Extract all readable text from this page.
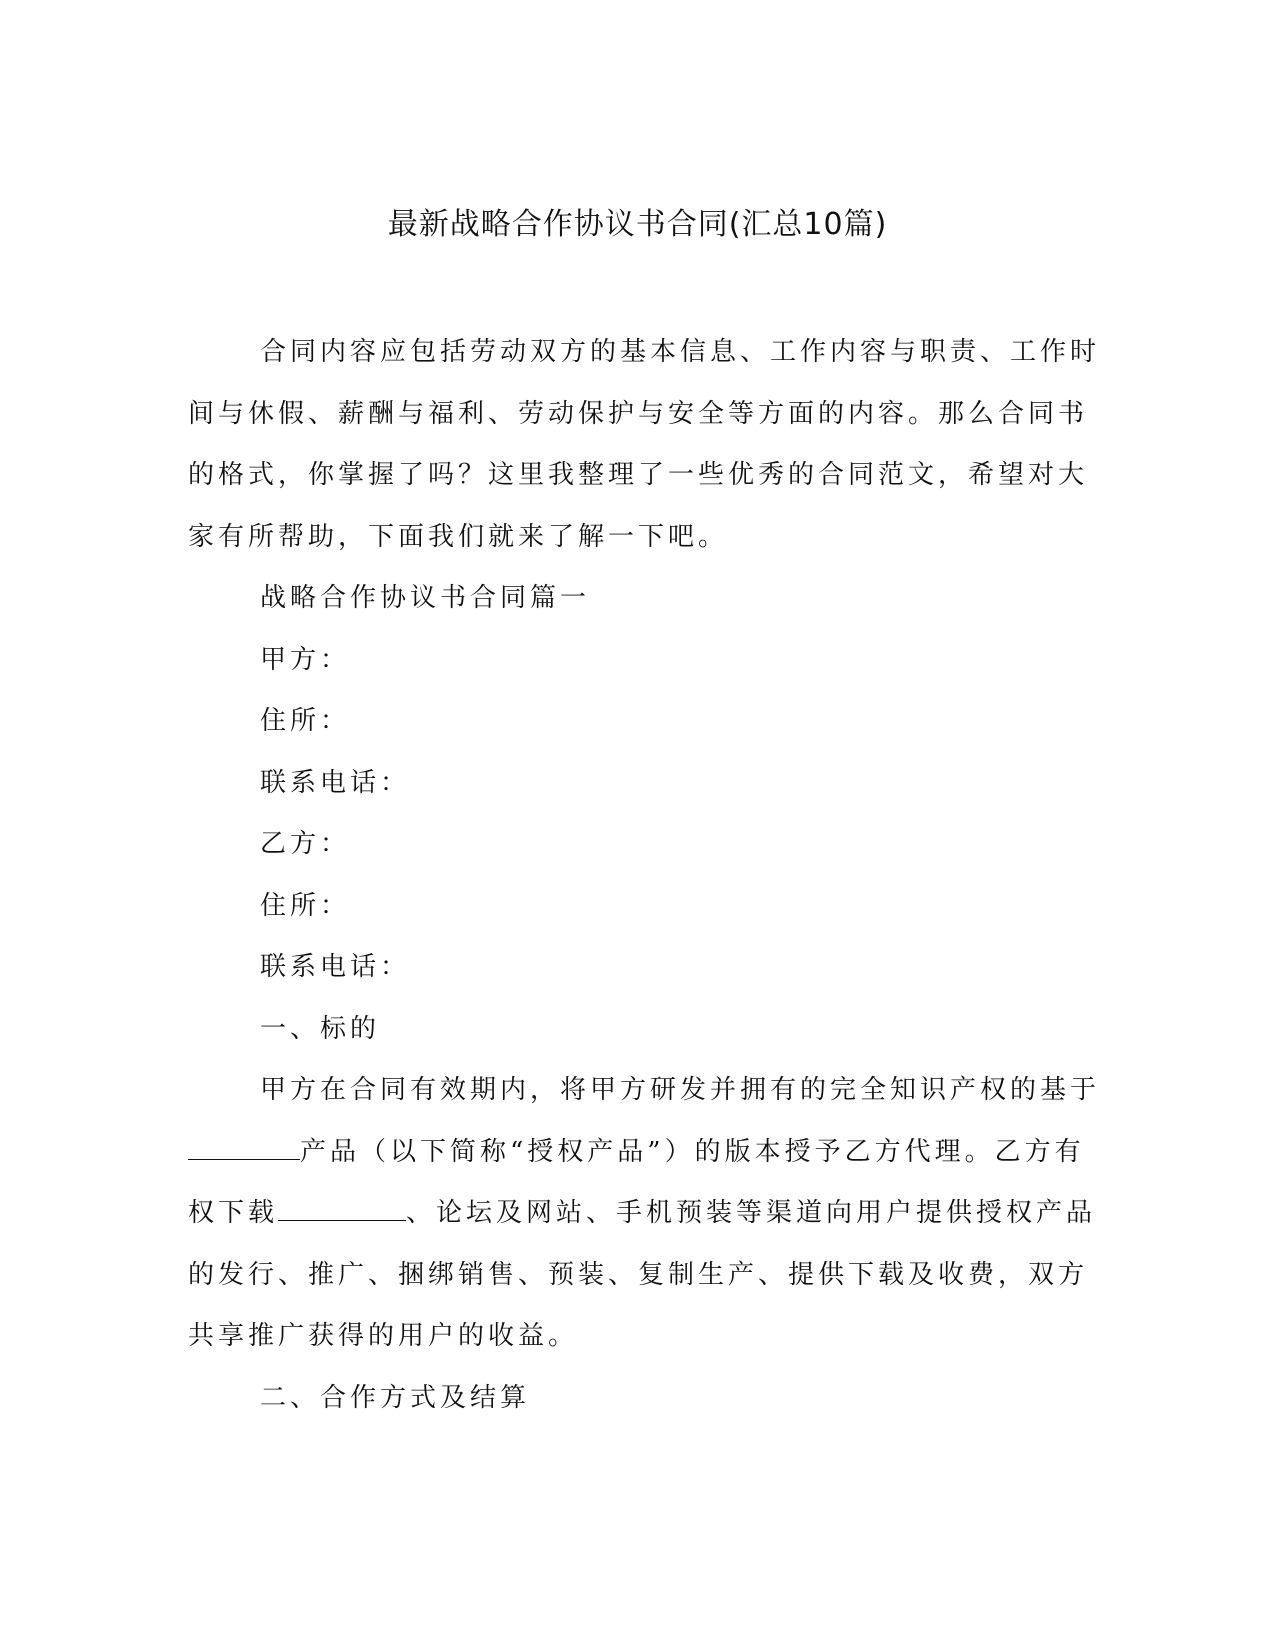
最新战略合作协议书合同(汇总10篇)
合同内容应包括劳动双方的基本信息、工作内容与职责、工作时
间与休假、薪酬与福利、劳动保护与安全等方面的内容。那么合同书
的格式，你掌握了吗？这里我整理了一些优秀的合同范文，希望对大
家有所帮助，下面我们就来了解一下吧。
战略合作协议书合同篇一
甲方：
住所：
联系电话：
乙方：
住所：
联系电话：
一、标的
甲方在合同有效期内，将甲方研发并拥有的完全知识产权的基于
产品（以下简称“授权产品”）的版本授予乙方代理。乙方有
权下载	、论坛及网站、手机预装等渠道向用户提供授权产品
的发行、推广、捆绑销售、预装、复制生产、提供下载及收费，双方
共享推广获得的用户的收益。
二、合作方式及结算
